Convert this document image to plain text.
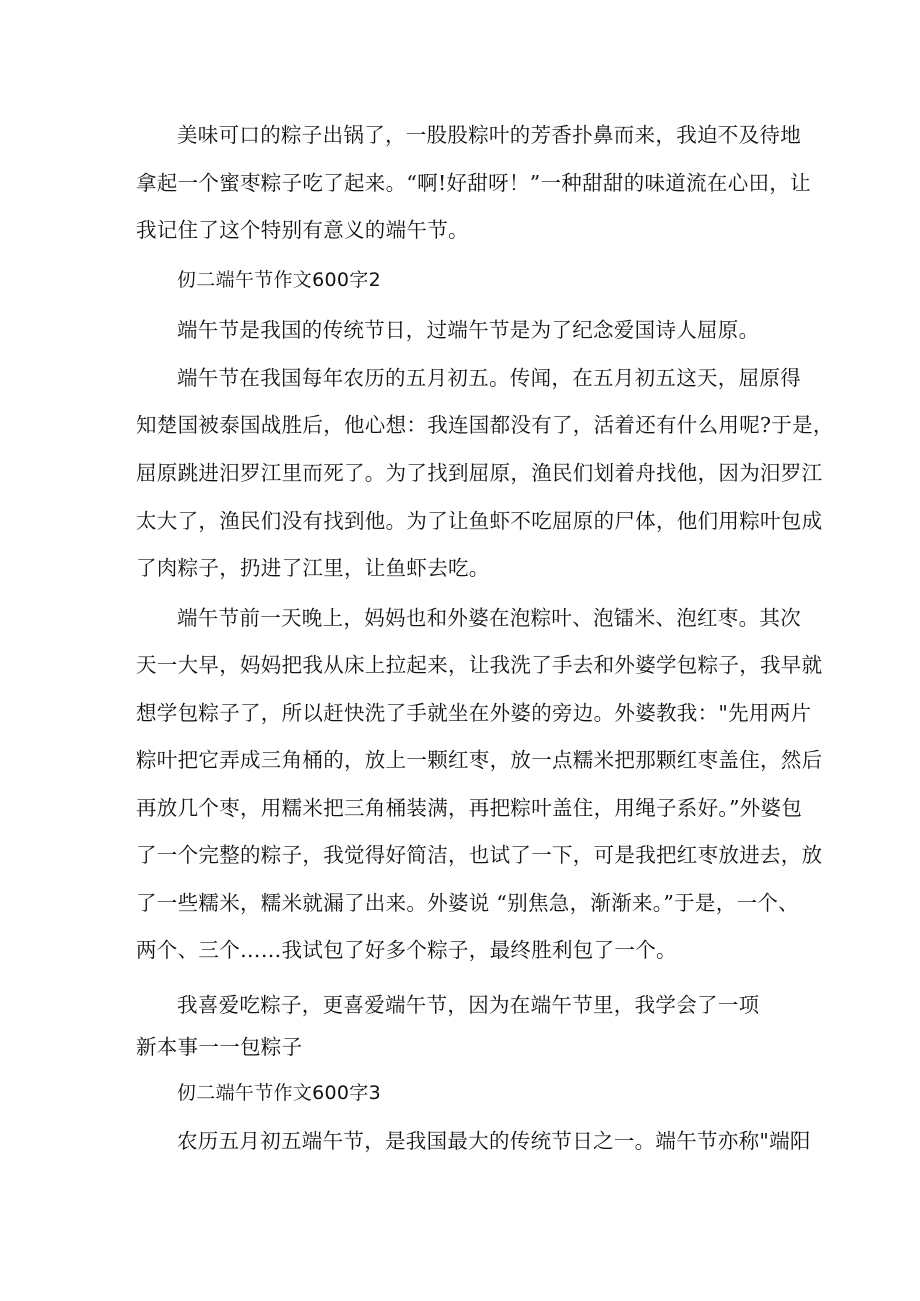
美味可口的粽子出锅了，一股股粽叶的芳香扑鼻而来，我迫不及待地
拿起一个蜜枣粽子吃了起来。“啊!好甜呀！”一种甜甜的味道流在心田，让
我记住了这个特别有意义的端午节。
仞二端午节作文600字2
端午节是我国的传统节日，过端午节是为了纪念爱国诗人屈原。
端午节在我国每年农历的五月初五。传闻，在五月初五这天，屈原得
知楚国被泰国战胜后，他心想：我连国都没有了，活着还有什么用呢?于是，
屈原跳进汨罗江里而死了。为了找到屈原，渔民们划着舟找他，因为汨罗江
太大了，渔民们没有找到他。为了让鱼虾不吃屈原的尸体，他们用粽叶包成
了肉粽子，扔进了江里，让鱼虾去吃。
端午节前一天晚上，妈妈也和外婆在泡粽叶、泡镭米、泡红枣。其次
天一大早，妈妈把我从床上拉起来，让我洗了手去和外婆学包粽子，我早就
想学包粽子了，所以赶快洗了手就坐在外婆的旁边。外婆教我："先用两片
粽叶把它弄成三角桶的，放上一颗红枣，放一点糯米把那颗红枣盖住，然后
再放几个枣，用糯米把三角桶装满，再把粽叶盖住，用绳子系好。”外婆包
了一个完整的粽子，我觉得好简洁，也试了一下，可是我把红枣放进去，放
了一些糯米，糯米就漏了出来。外婆说 “别焦急，渐渐来。”于是，一个、
两个、三个……我试包了好多个粽子，最终胜利包了一个。
我喜爱吃粽子，更喜爱端午节，因为在端午节里，我学会了一项
新本事一一包粽子
仞二端午节作文600字3
农历五月初五端午节，是我国最大的传统节日之一。端午节亦称"端阳
